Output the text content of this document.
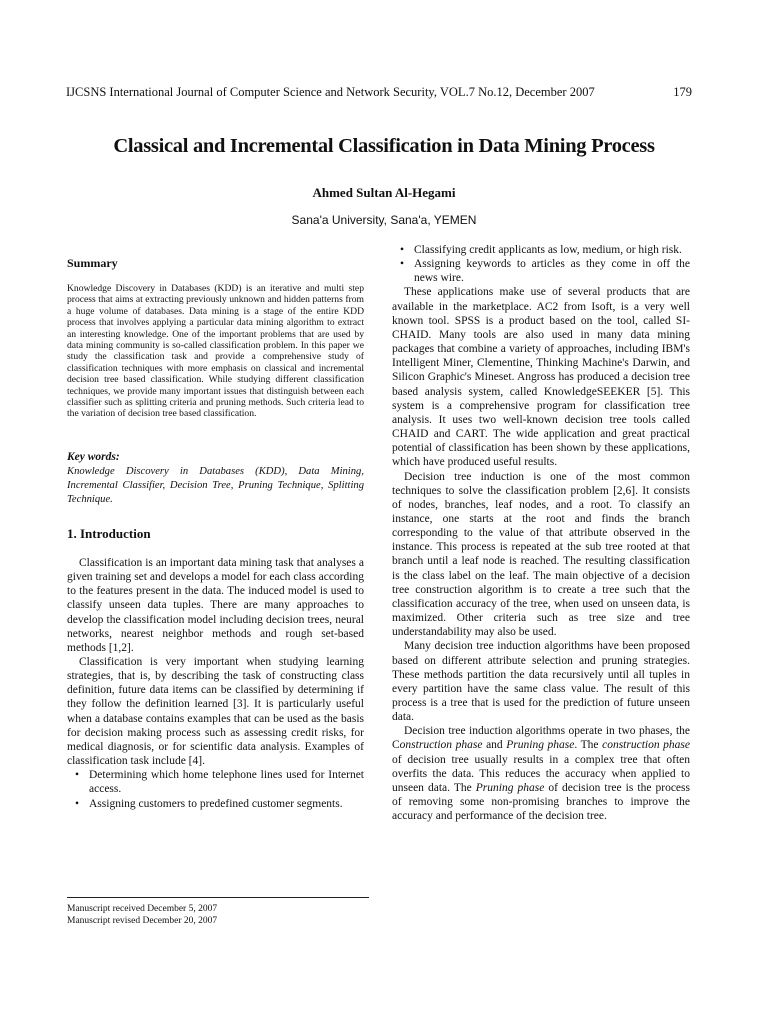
IJCSNS International Journal of Computer Science and Network Security, VOL.7 No.12, December 2007	179
Classical and Incremental Classification in Data Mining Process
Ahmed Sultan Al-Hegami
Sana'a University, Sana'a, YEMEN
Summary

Knowledge Discovery in Databases (KDD) is an iterative and multi step process that aims at extracting previously unknown and hidden patterns from a huge volume of databases. Data mining is a stage of the entire KDD process that involves applying a particular data mining algorithm to extract an interesting knowledge. One of the important problems that are used by data mining community is so-called classification problem. In this paper we study the classification task and provide a comprehensive study of classification techniques with more emphasis on classical and incremental decision tree based classification. While studying different classification techniques, we provide many important issues that distinguish between each classifier such as splitting criteria and pruning methods. Such criteria lead to the variation of decision tree based classification.

Key words:

Knowledge Discovery in Databases (KDD), Data Mining, Incremental Classifier, Decision Tree, Pruning Technique, Splitting Technique.

1. Introduction

Classification is an important data mining task that analyses a given training set and develops a model for each class according to the features present in the data. The induced model is used to classify unseen data tuples. There are many approaches to develop the classification model including decision trees, neural networks, nearest neighbor methods and rough set-based methods [1,2].

Classification is very important when studying learning strategies, that is, by describing the task of constructing class definition, future data items can be classified by determining if they follow the definition learned [3]. It is particularly useful when a database contains examples that can be used as the basis for decision making process such as assessing credit risks, for medical diagnosis, or for scientific data analysis. Examples of classification task include [4].

• Determining which home telephone lines used for Internet access.
• Assigning customers to predefined customer segments.
• Classifying credit applicants as low, medium, or high risk.
• Assigning keywords to articles as they come in off the news wire.

These applications make use of several products that are available in the marketplace. AC2 from Isoft, is a very well known tool. SPSS is a product based on the tool, called SI-CHAID. Many tools are also used in many data mining packages that combine a variety of approaches, including IBM's Intelligent Miner, Clementine, Thinking Machine's Darwin, and Silicon Graphic's Mineset. Angross has produced a decision tree based analysis system, called KnowledgeSEEKER [5]. This system is a comprehensive program for classification tree analysis. It uses two well-known decision tree tools called CHAID and CART. The wide application and great practical potential of classification has been shown by these applications, which have produced useful results.

Decision tree induction is one of the most common techniques to solve the classification problem [2,6]. It consists of nodes, branches, leaf nodes, and a root. To classify an instance, one starts at the root and finds the branch corresponding to the value of that attribute observed in the instance. This process is repeated at the sub tree rooted at that branch until a leaf node is reached. The resulting classification is the class label on the leaf. The main objective of a decision tree construction algorithm is to create a tree such that the classification accuracy of the tree, when used on unseen data, is maximized. Other criteria such as tree size and tree understandability may also be used.

Many decision tree induction algorithms have been proposed based on different attribute selection and pruning strategies. These methods partition the data recursively until all tuples in every partition have the same class value. The result of this process is a tree that is used for the prediction of future unseen data.

Decision tree induction algorithms operate in two phases, the Construction phase and Pruning phase. The construction phase of decision tree usually results in a complex tree that often overfits the data. This reduces the accuracy when applied to unseen data. The Pruning phase of decision tree is the process of removing some non-promising branches to improve the accuracy and performance of the decision tree.

Manuscript received December 5, 2007
Manuscript revised December 20, 2007
